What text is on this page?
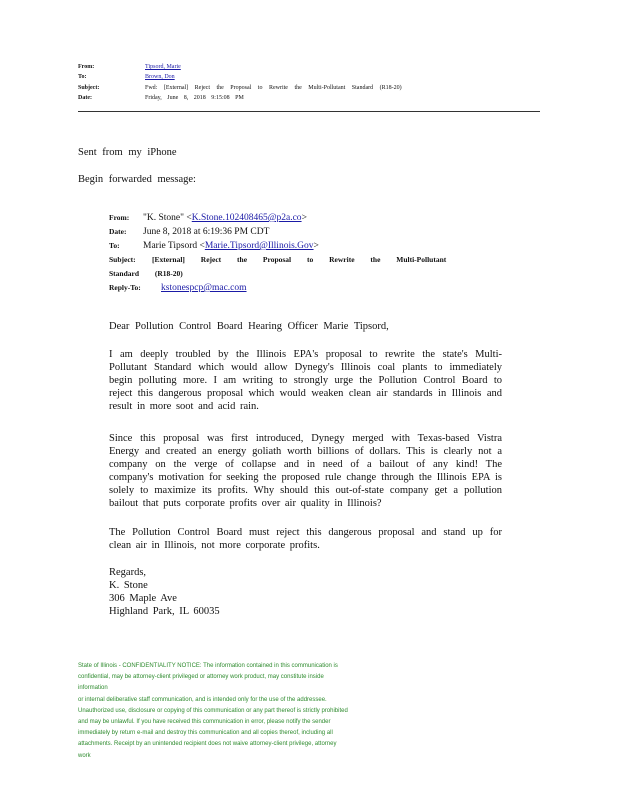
From:	Tipsord, Marie
To:	Brown, Don
Subject:	Fwd: [External] Reject the Proposal to Rewrite the Multi-Pollutant Standard (R18-20)
Date:	Friday, June 8, 2018 9:15:08 PM
Sent from my iPhone
Begin forwarded message:
From: "K. Stone" <K.Stone.102408465@p2a.co>
Date: June 8, 2018 at 6:19:36 PM CDT
To: Marie Tipsord <Marie.Tipsord@Illinois.Gov>
Subject: [External] Reject the Proposal to Rewrite the Multi-Pollutant
Standard (R18-20)
Reply-To: kstonespcp@mac.com
Dear Pollution Control Board Hearing Officer Marie Tipsord,
I am deeply troubled by the Illinois EPA's proposal to rewrite the state's Multi-Pollutant Standard which would allow Dynegy's Illinois coal plants to immediately begin polluting more. I am writing to strongly urge the Pollution Control Board to reject this dangerous proposal which would weaken clean air standards in Illinois and result in more soot and acid rain.
Since this proposal was first introduced, Dynegy merged with Texas-based Vistra Energy and created an energy goliath worth billions of dollars. This is clearly not a company on the verge of collapse and in need of a bailout of any kind! The company's motivation for seeking the proposed rule change through the Illinois EPA is solely to maximize its profits. Why should this out-of-state company get a pollution bailout that puts corporate profits over air quality in Illinois?
The Pollution Control Board must reject this dangerous proposal and stand up for clean air in Illinois, not more corporate profits.
Regards,
K. Stone
306 Maple Ave
Highland Park, IL 60035
State of Illinois - CONFIDENTIALITY NOTICE: The information contained in this communication is
confidential, may be attorney-client privileged or attorney work product, may constitute inside information
or internal deliberative staff communication, and is intended only for the use of the addressee.
Unauthorized use, disclosure or copying of this communication or any part thereof is strictly prohibited
and may be unlawful. If you have received this communication in error, please notify the sender
immediately by return e-mail and destroy this communication and all copies thereof, including all
attachments. Receipt by an unintended recipient does not waive attorney-client privilege, attorney work
